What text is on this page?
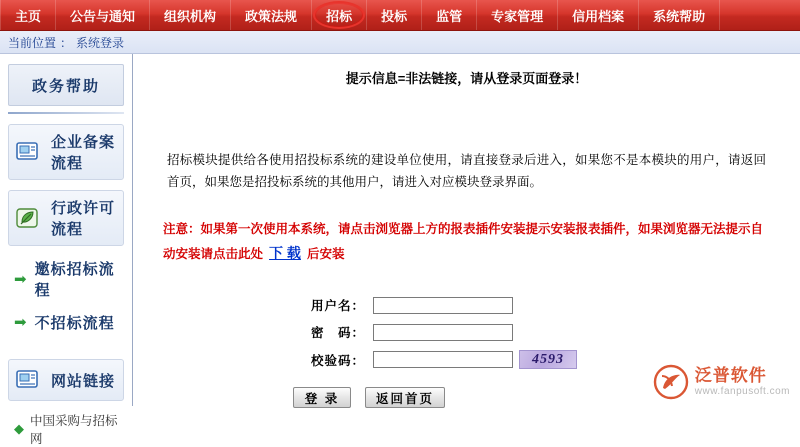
主页 公告与通知 组织机构 政策法规 招标 投标 监管 专家管理 信用档案 系统帮助
当前位置 ： 系统登录
政务帮助
企业备案流程
行政许可流程
➡
邀标招标流程
➡ 不招标流程
网站链接
◆ 中国采购与招标网
提示信息=非法链接，请从登录页面登录！
招标模块提供给各使用招投标系统的建设单位使用，请直接登录后进入，如果您不是本模块的用户，请返回首页，如果您是招投标系统的其他用户，请进入对应模块登录界面。
注意：如果第一次使用本系统，请点击浏览器上方的报表插件安装提示安装报表插件，如果浏览器无法提示自动安装请点击此处 下 载 后安装
用户名：
密　码：
校验码：	4593
登 录	返回首页
泛普软件
www.fanpusoft.com
